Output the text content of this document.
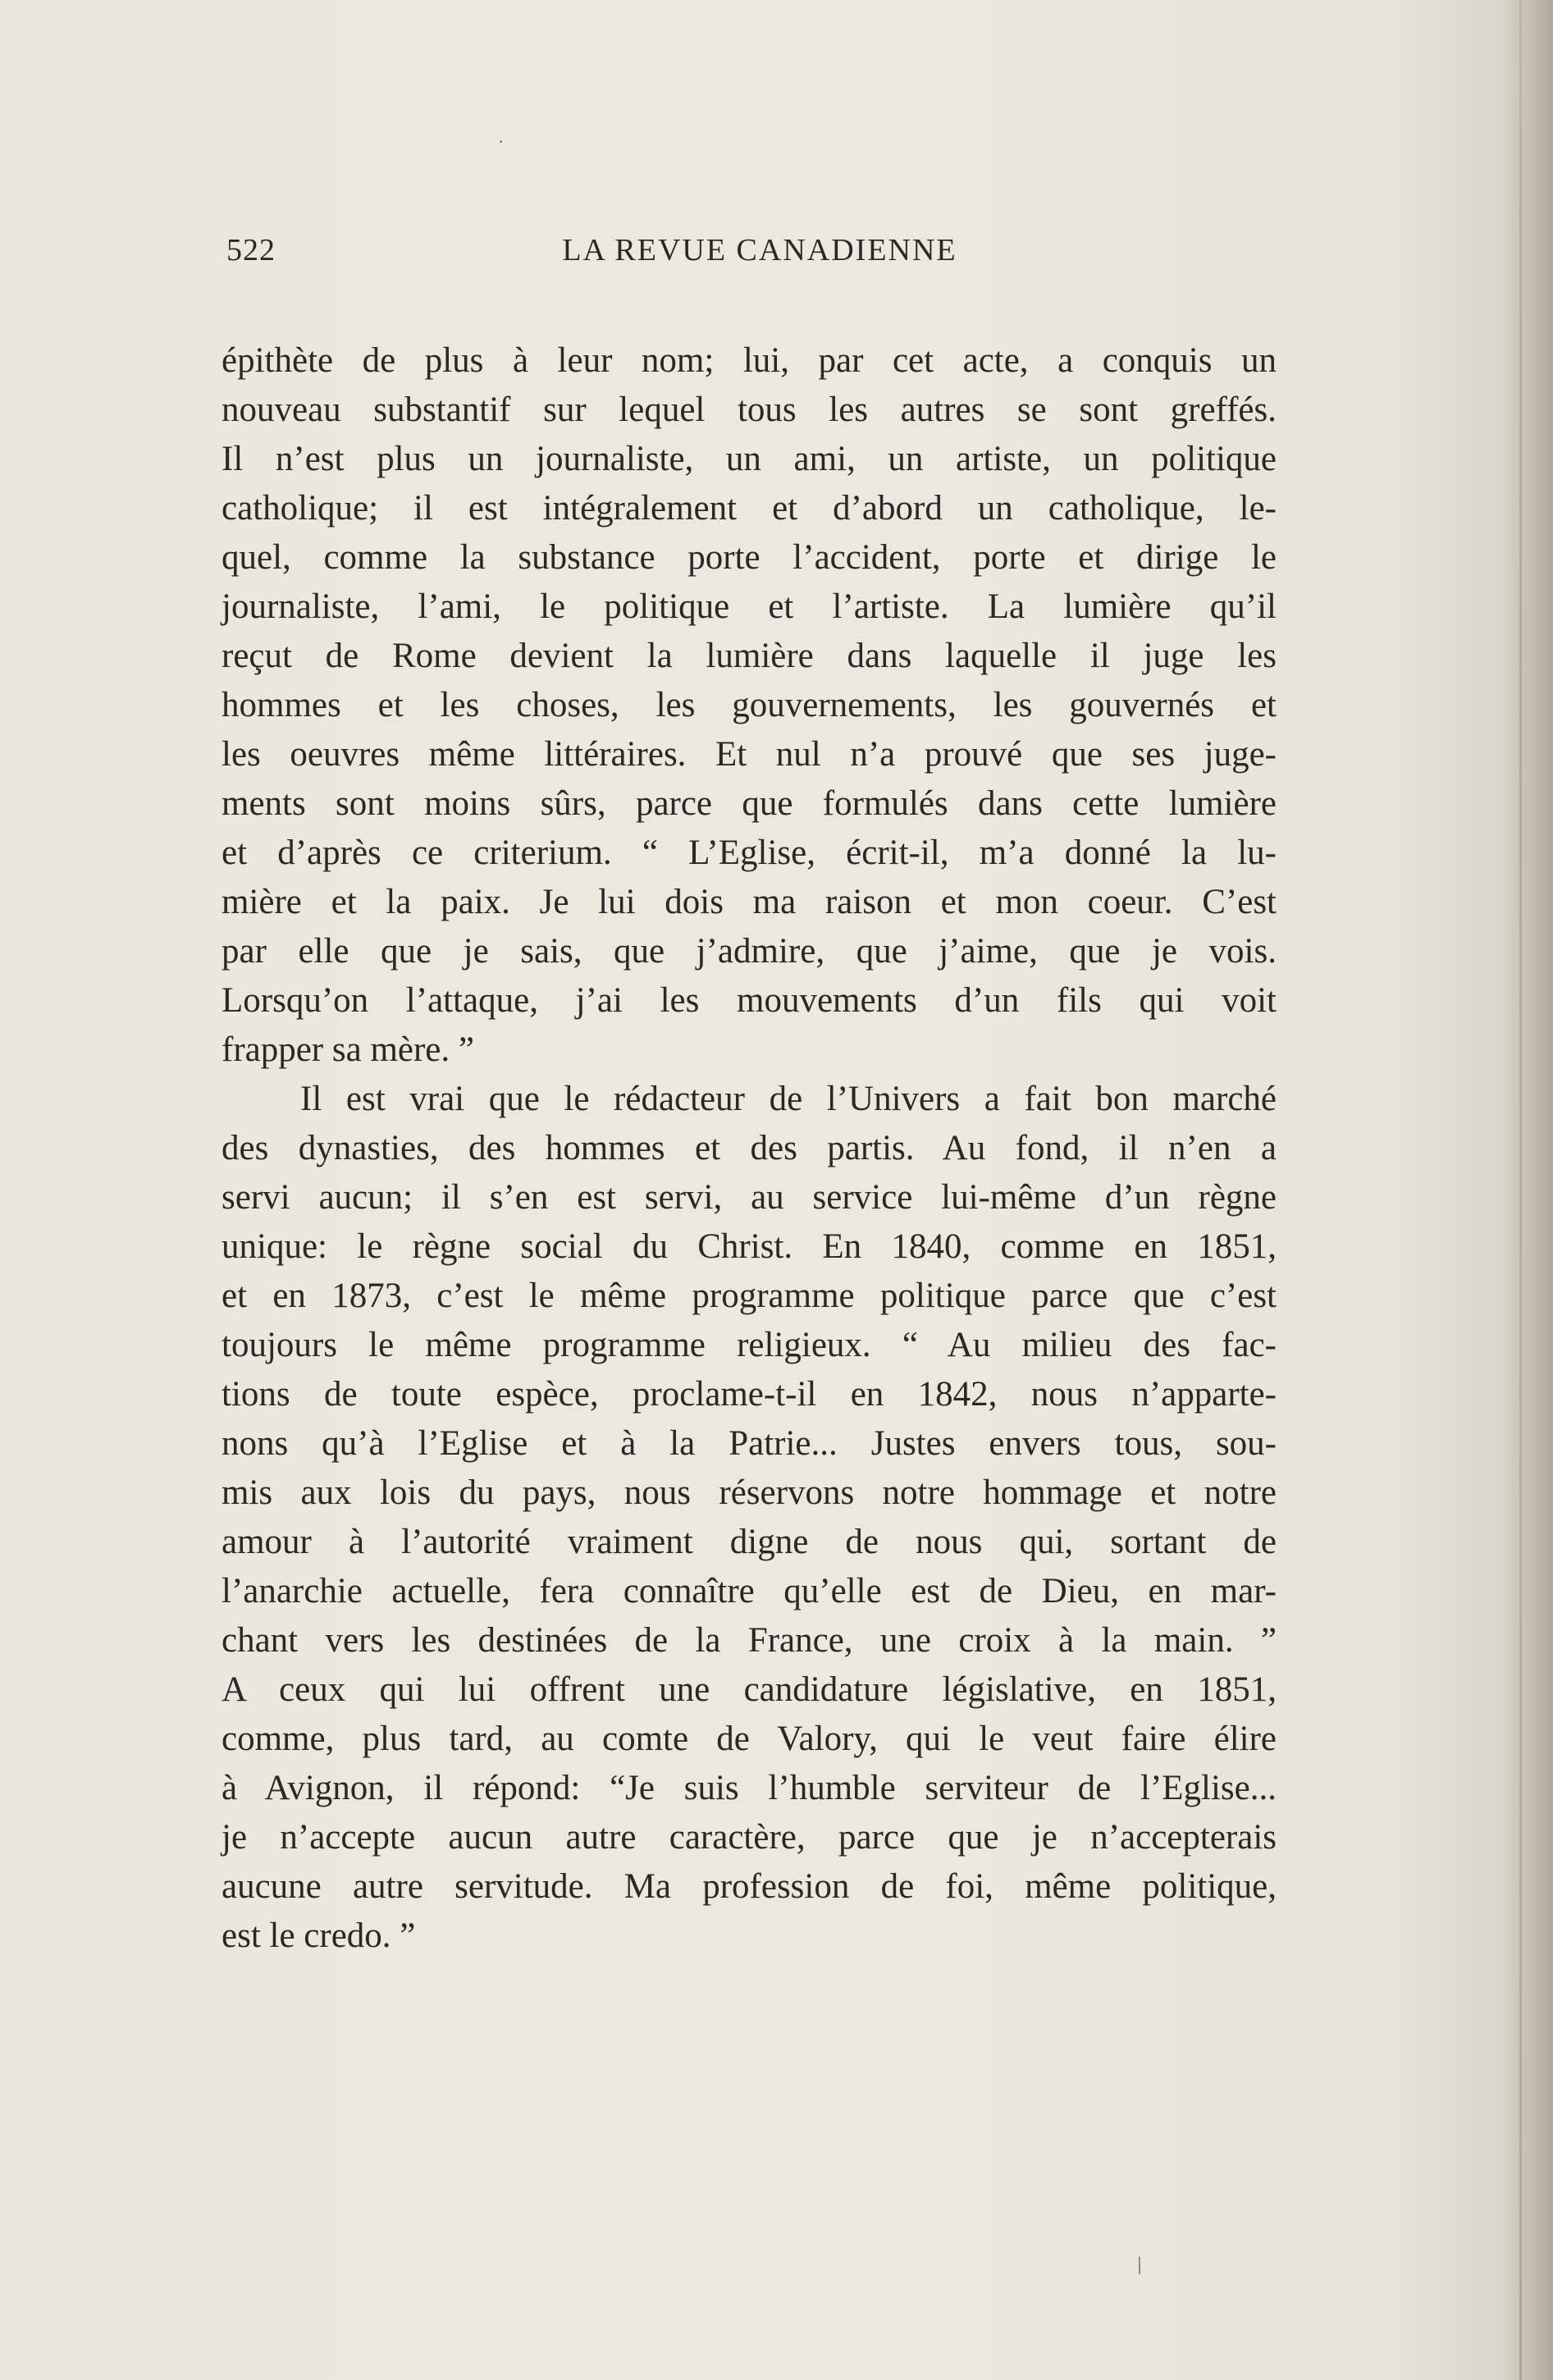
522	LA REVUE CANADIENNE
épithète de plus à leur nom; lui, par cet acte, a conquis un
nouveau substantif sur lequel tous les autres se sont greffés.
Il n’est plus un journaliste, un ami, un artiste, un politique
catholique; il est intégralement et d’abord un catholique, le-
quel, comme la substance porte l’accident, porte et dirige le
journaliste, l’ami, le politique et l’artiste. La lumière qu’il
reçut de Rome devient la lumière dans laquelle il juge les
hommes et les choses, les gouvernements, les gouvernés et
les oeuvres même littéraires. Et nul n’a prouvé que ses juge-
ments sont moins sûrs, parce que formulés dans cette lumière
et d’après ce criterium. “ L’Eglise, écrit-il, m’a donné la lu-
mière et la paix. Je lui dois ma raison et mon coeur. C’est
par elle que je sais, que j’admire, que j’aime, que je vois.
Lorsqu’on l’attaque, j’ai les mouvements d’un fils qui voit
frapper sa mère. ”
Il est vrai que le rédacteur de l’Univers a fait bon marché
des dynasties, des hommes et des partis. Au fond, il n’en a
servi aucun; il s’en est servi, au service lui-même d’un règne
unique: le règne social du Christ. En 1840, comme en 1851,
et en 1873, c’est le même programme politique parce que c’est
toujours le même programme religieux. “ Au milieu des fac-
tions de toute espèce, proclame-t-il en 1842, nous n’apparte-
nons qu’à l’Eglise et à la Patrie... Justes envers tous, sou-
mis aux lois du pays, nous réservons notre hommage et notre
amour à l’autorité vraiment digne de nous qui, sortant de
l’anarchie actuelle, fera connaître qu’elle est de Dieu, en mar-
chant vers les destinées de la France, une croix à la main. ”
A ceux qui lui offrent une candidature législative, en 1851,
comme, plus tard, au comte de Valory, qui le veut faire élire
à Avignon, il répond: “Je suis l’humble serviteur de l’Eglise...
je n’accepte aucun autre caractère, parce que je n’accepterais
aucune autre servitude. Ma profession de foi, même politique,
est le credo. ”
·
/
